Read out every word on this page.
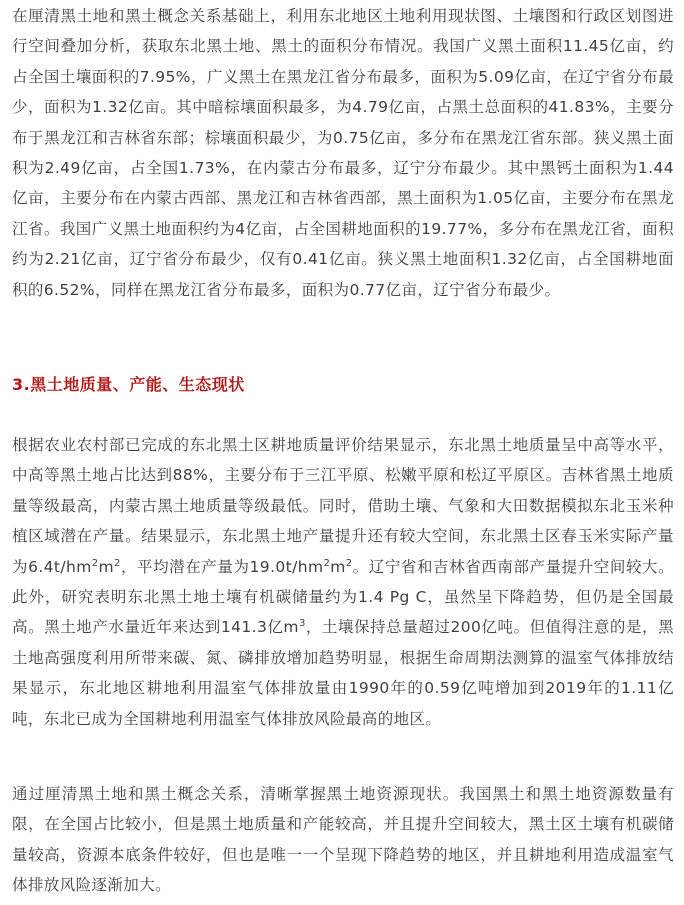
在厘清黑土地和黑土概念关系基础上，利用东北地区土地利用现状图、土壤图和行政区划图进行空间叠加分析，获取东北黑土地、黑土的面积分布情况。我国广义黑土面积11.45亿亩，约占全国土壤面积的7.95%，广义黑土在黑龙江省分布最多，面积为5.09亿亩，在辽宁省分布最少，面积为1.32亿亩。其中暗棕壤面积最多，为4.79亿亩，占黑土总面积的41.83%，主要分布于黑龙江和吉林省东部；棕壤面积最少，为0.75亿亩，多分布在黑龙江省东部。狭义黑土面积为2.49亿亩，占全国1.73%，在内蒙古分布最多，辽宁分布最少。其中黑钙土面积为1.44亿亩，主要分布在内蒙古西部、黑龙江和吉林省西部，黑土面积为1.05亿亩，主要分布在黑龙江省。我国广义黑土地面积约为4亿亩，占全国耕地面积的19.77%，多分布在黑龙江省，面积约为2.21亿亩，辽宁省分布最少，仅有0.41亿亩。狭义黑土地面积1.32亿亩，占全国耕地面积的6.52%，同样在黑龙江省分布最多，面积为0.77亿亩，辽宁省分布最少。

3.黑土地质量、产能、生态现状

根据农业农村部已完成的东北黑土区耕地质量评价结果显示，东北黑土地质量呈中高等水平，中高等黑土地占比达到88%，主要分布于三江平原、松嫩平原和松辽平原区。吉林省黑土地质量等级最高，内蒙古黑土地质量等级最低。同时，借助土壤、气象和大田数据模拟东北玉米种植区域潜在产量。结果显示，东北黑土地产量提升还有较大空间，东北黑土区春玉米实际产量为$6.4t/hm^2m^2$，平均潜在产量为$19.0t/hm^2m^2$。辽宁省和吉林省西南部产量提升空间较大。此外，研究表明东北黑土地土壤有机碳储量约为1.4 Pg C，虽然呈下降趋势，但仍是全国最高。黑土地产水量近年来达到141.3亿$m^3$，土壤保持总量超过200亿吨。但值得注意的是，黑土地高强度利用所带来碳、氮、磷排放增加趋势明显，根据生命周期法测算的温室气体排放结果显示，东北地区耕地利用温室气体排放量由1990年的0.59亿吨增加到2019年的1.11亿吨，东北已成为全国耕地利用温室气体排放风险最高的地区。

通过厘清黑土地和黑土概念关系，清晰掌握黑土地资源现状。我国黑土和黑土地资源数量有限，在全国占比较小，但是黑土地质量和产能较高，并且提升空间较大，黑土区土壤有机碳储量较高，资源本底条件较好，但也是唯一一个呈现下降趋势的地区，并且耕地利用造成温室气体排放风险逐渐加大。
